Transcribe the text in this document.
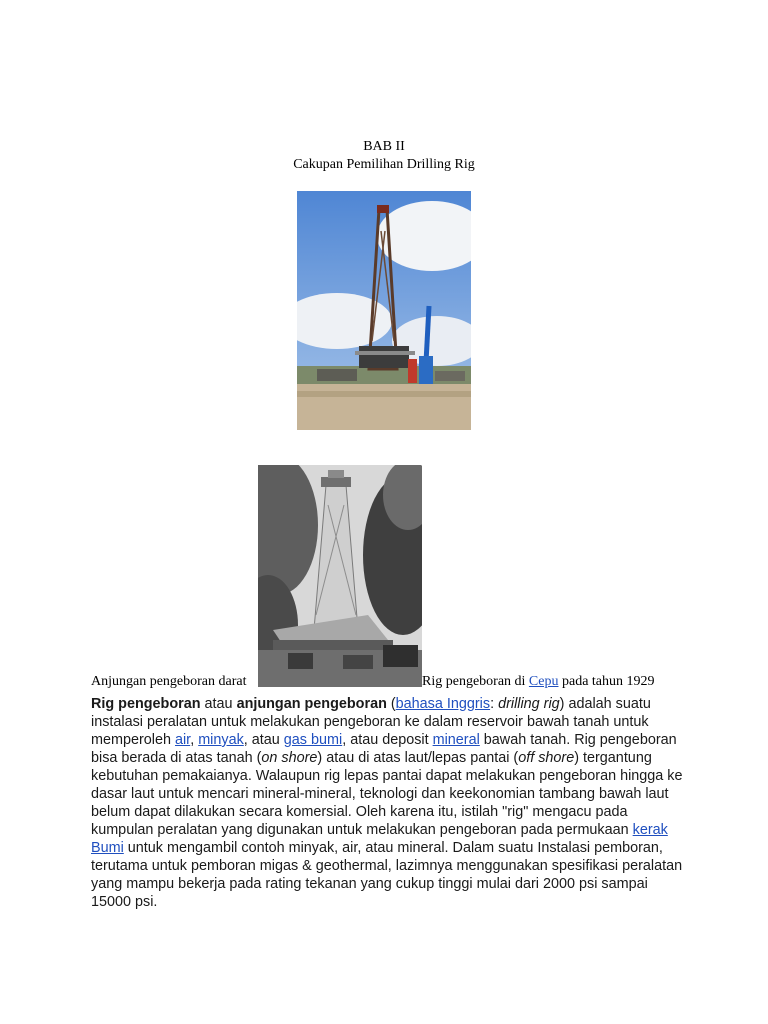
BAB II
Cakupan Pemilihan Drilling Rig
Anjungan pengeboran darat	Rig pengeboran di Cepu pada tahun 1929
Rig pengeboran atau anjungan pengeboran (bahasa Inggris: drilling rig) adalah suatu instalasi peralatan untuk melakukan pengeboran ke dalam reservoir bawah tanah untuk memperoleh air, minyak, atau gas bumi, atau deposit mineral bawah tanah. Rig pengeboran bisa berada di atas tanah (on shore) atau di atas laut/lepas pantai (off shore) tergantung kebutuhan pemakaianya. Walaupun rig lepas pantai dapat melakukan pengeboran hingga ke dasar laut untuk mencari mineral-mineral, teknologi dan keekonomian tambang bawah laut belum dapat dilakukan secara komersial. Oleh karena itu, istilah "rig" mengacu pada kumpulan peralatan yang digunakan untuk melakukan pengeboran pada permukaan kerak Bumi untuk mengambil contoh minyak, air, atau mineral. Dalam suatu Instalasi pemboran, terutama untuk pemboran migas & geothermal, lazimnya menggunakan spesifikasi peralatan yang mampu bekerja pada rating tekanan yang cukup tinggi mulai dari 2000 psi sampai 15000 psi.
